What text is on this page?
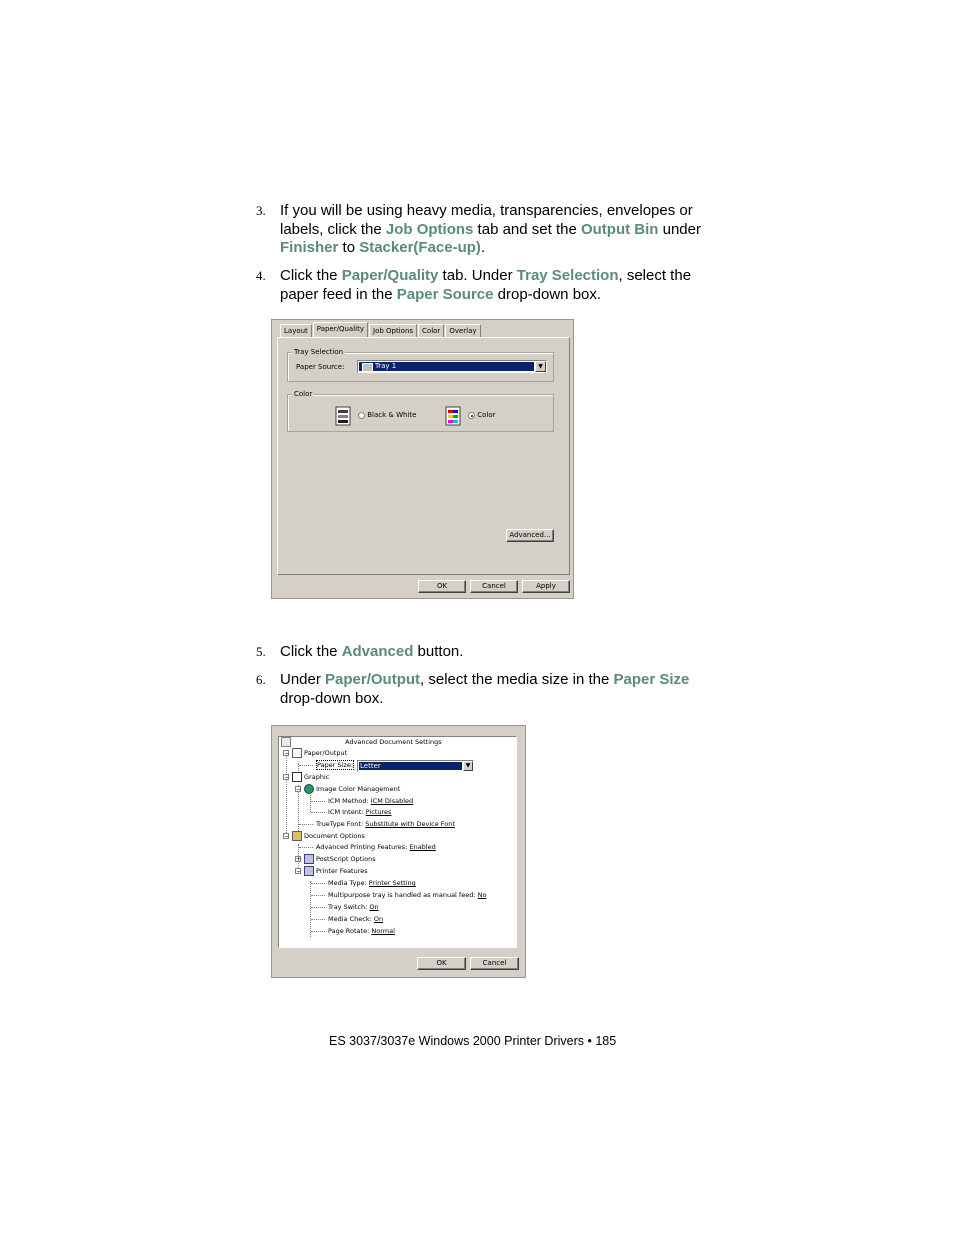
3. If you will be using heavy media, transparencies, envelopes or labels, click the Job Options tab and set the Output Bin under Finisher to Stacker(Face-up).
4. Click the Paper/Quality tab. Under Tray Selection, select the paper feed in the Paper Source drop-down box.
Layout	Paper/Quality	Job Options	Color	Overlay
Tray Selection
Paper Source:	Tray 1	▼
Color
Black & White	Color
Advanced...
OK	Cancel	Apply
5. Click the Advanced button.
6. Under Paper/Output, select the media size in the Paper Size drop-down box.
Advanced Document Settings
−	Paper/Output
Paper Size: Letter	▼
−	Graphic
−	Image Color Management
ICM Method: ICM Disabled
ICM Intent: Pictures
TrueType Font: Substitute with Device Font
−	Document Options
Advanced Printing Features: Enabled
+	PostScript Options
−	Printer Features
Media Type: Printer Setting
Multipurpose tray is handled as manual feed: No
Tray Switch: On
Media Check: On
Page Rotate: Normal
OK	Cancel
ES 3037/3037e Windows 2000 Printer Drivers • 185
